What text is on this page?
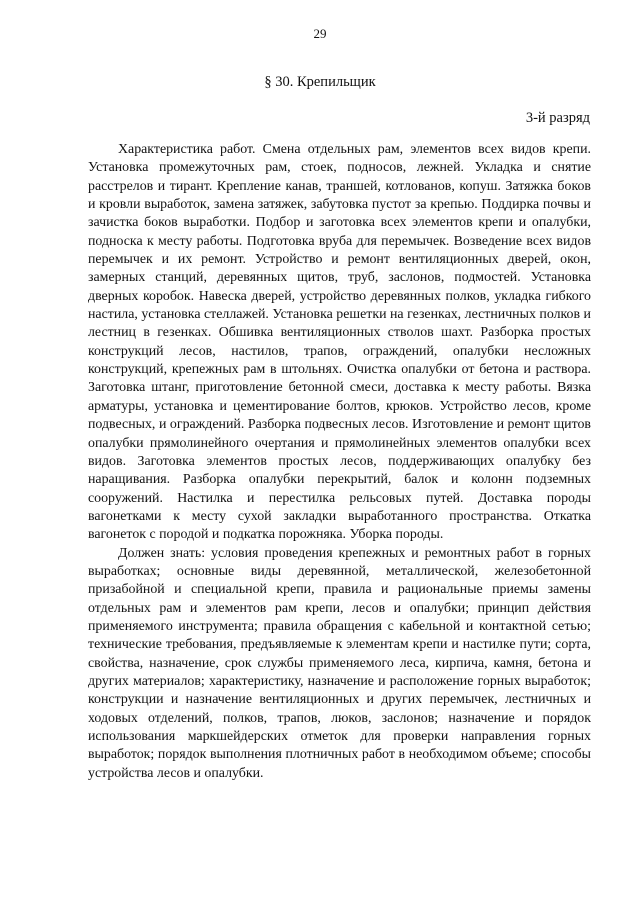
29
§ 30. Крепильщик
3-й разряд

Характеристика работ. Смена отдельных рам, элементов всех видов крепи. Установка промежуточных рам, стоек, подносов, лежней. Укладка и снятие расстрелов и тирант. Крепление канав, траншей, котлованов, копуш. Затяжка боков и кровли выработок, замена затяжек, забутовка пустот за крепью. Поддирка почвы и зачистка боков выработки. Подбор и заготовка всех элементов крепи и опалубки, подноска к месту работы. Подготовка вруба для перемычек. Возведение всех видов перемычек и их ремонт. Устройство и ремонт вентиляционных дверей, окон, замерных станций, деревянных щитов, труб, заслонов, подмостей. Установка дверных коробок. Навеска дверей, устройство деревянных полков, укладка гибкого настила, установка стеллажей. Установка решетки на гезенках, лестничных полков и лестниц в гезенках. Обшивка вентиляционных стволов шахт. Разборка простых конструкций лесов, настилов, трапов, ограждений, опалубки несложных конструкций, крепежных рам в штольнях. Очистка опалубки от бетона и раствора. Заготовка штанг, приготовление бетонной смеси, доставка к месту работы. Вязка арматуры, установка и цементирование болтов, крюков. Устройство лесов, кроме подвесных, и ограждений. Разборка подвесных лесов. Изготовление и ремонт щитов опалубки прямолинейного очертания и прямолинейных элементов опалубки всех видов. Заготовка элементов простых лесов, поддерживающих опалубку без наращивания. Разборка опалубки перекрытий, балок и колонн подземных сооружений. Настилка и перестилка рельсовых путей. Доставка породы вагонетками к месту сухой закладки выработанного пространства. Откатка вагонеток с породой и подкатка порожняка. Уборка породы.

Должен знать: условия проведения крепежных и ремонтных работ в горных выработках; основные виды деревянной, металлической, железобетонной призабойной и специальной крепи, правила и рациональные приемы замены отдельных рам и элементов рам крепи, лесов и опалубки; принцип действия применяемого инструмента; правила обращения с кабельной и контактной сетью; технические требования, предъявляемые к элементам крепи и настилке пути; сорта, свойства, назначение, срок службы применяемого леса, кирпича, камня, бетона и других материалов; характеристику, назначение и расположение горных выработок; конструкции и назначение вентиляционных и других перемычек, лестничных и ходовых отделений, полков, трапов, люков, заслонов; назначение и порядок использования маркшейдерских отметок для проверки направления горных выработок; порядок выполнения плотничных работ в необходимом объеме; способы устройства лесов и опалубки.
